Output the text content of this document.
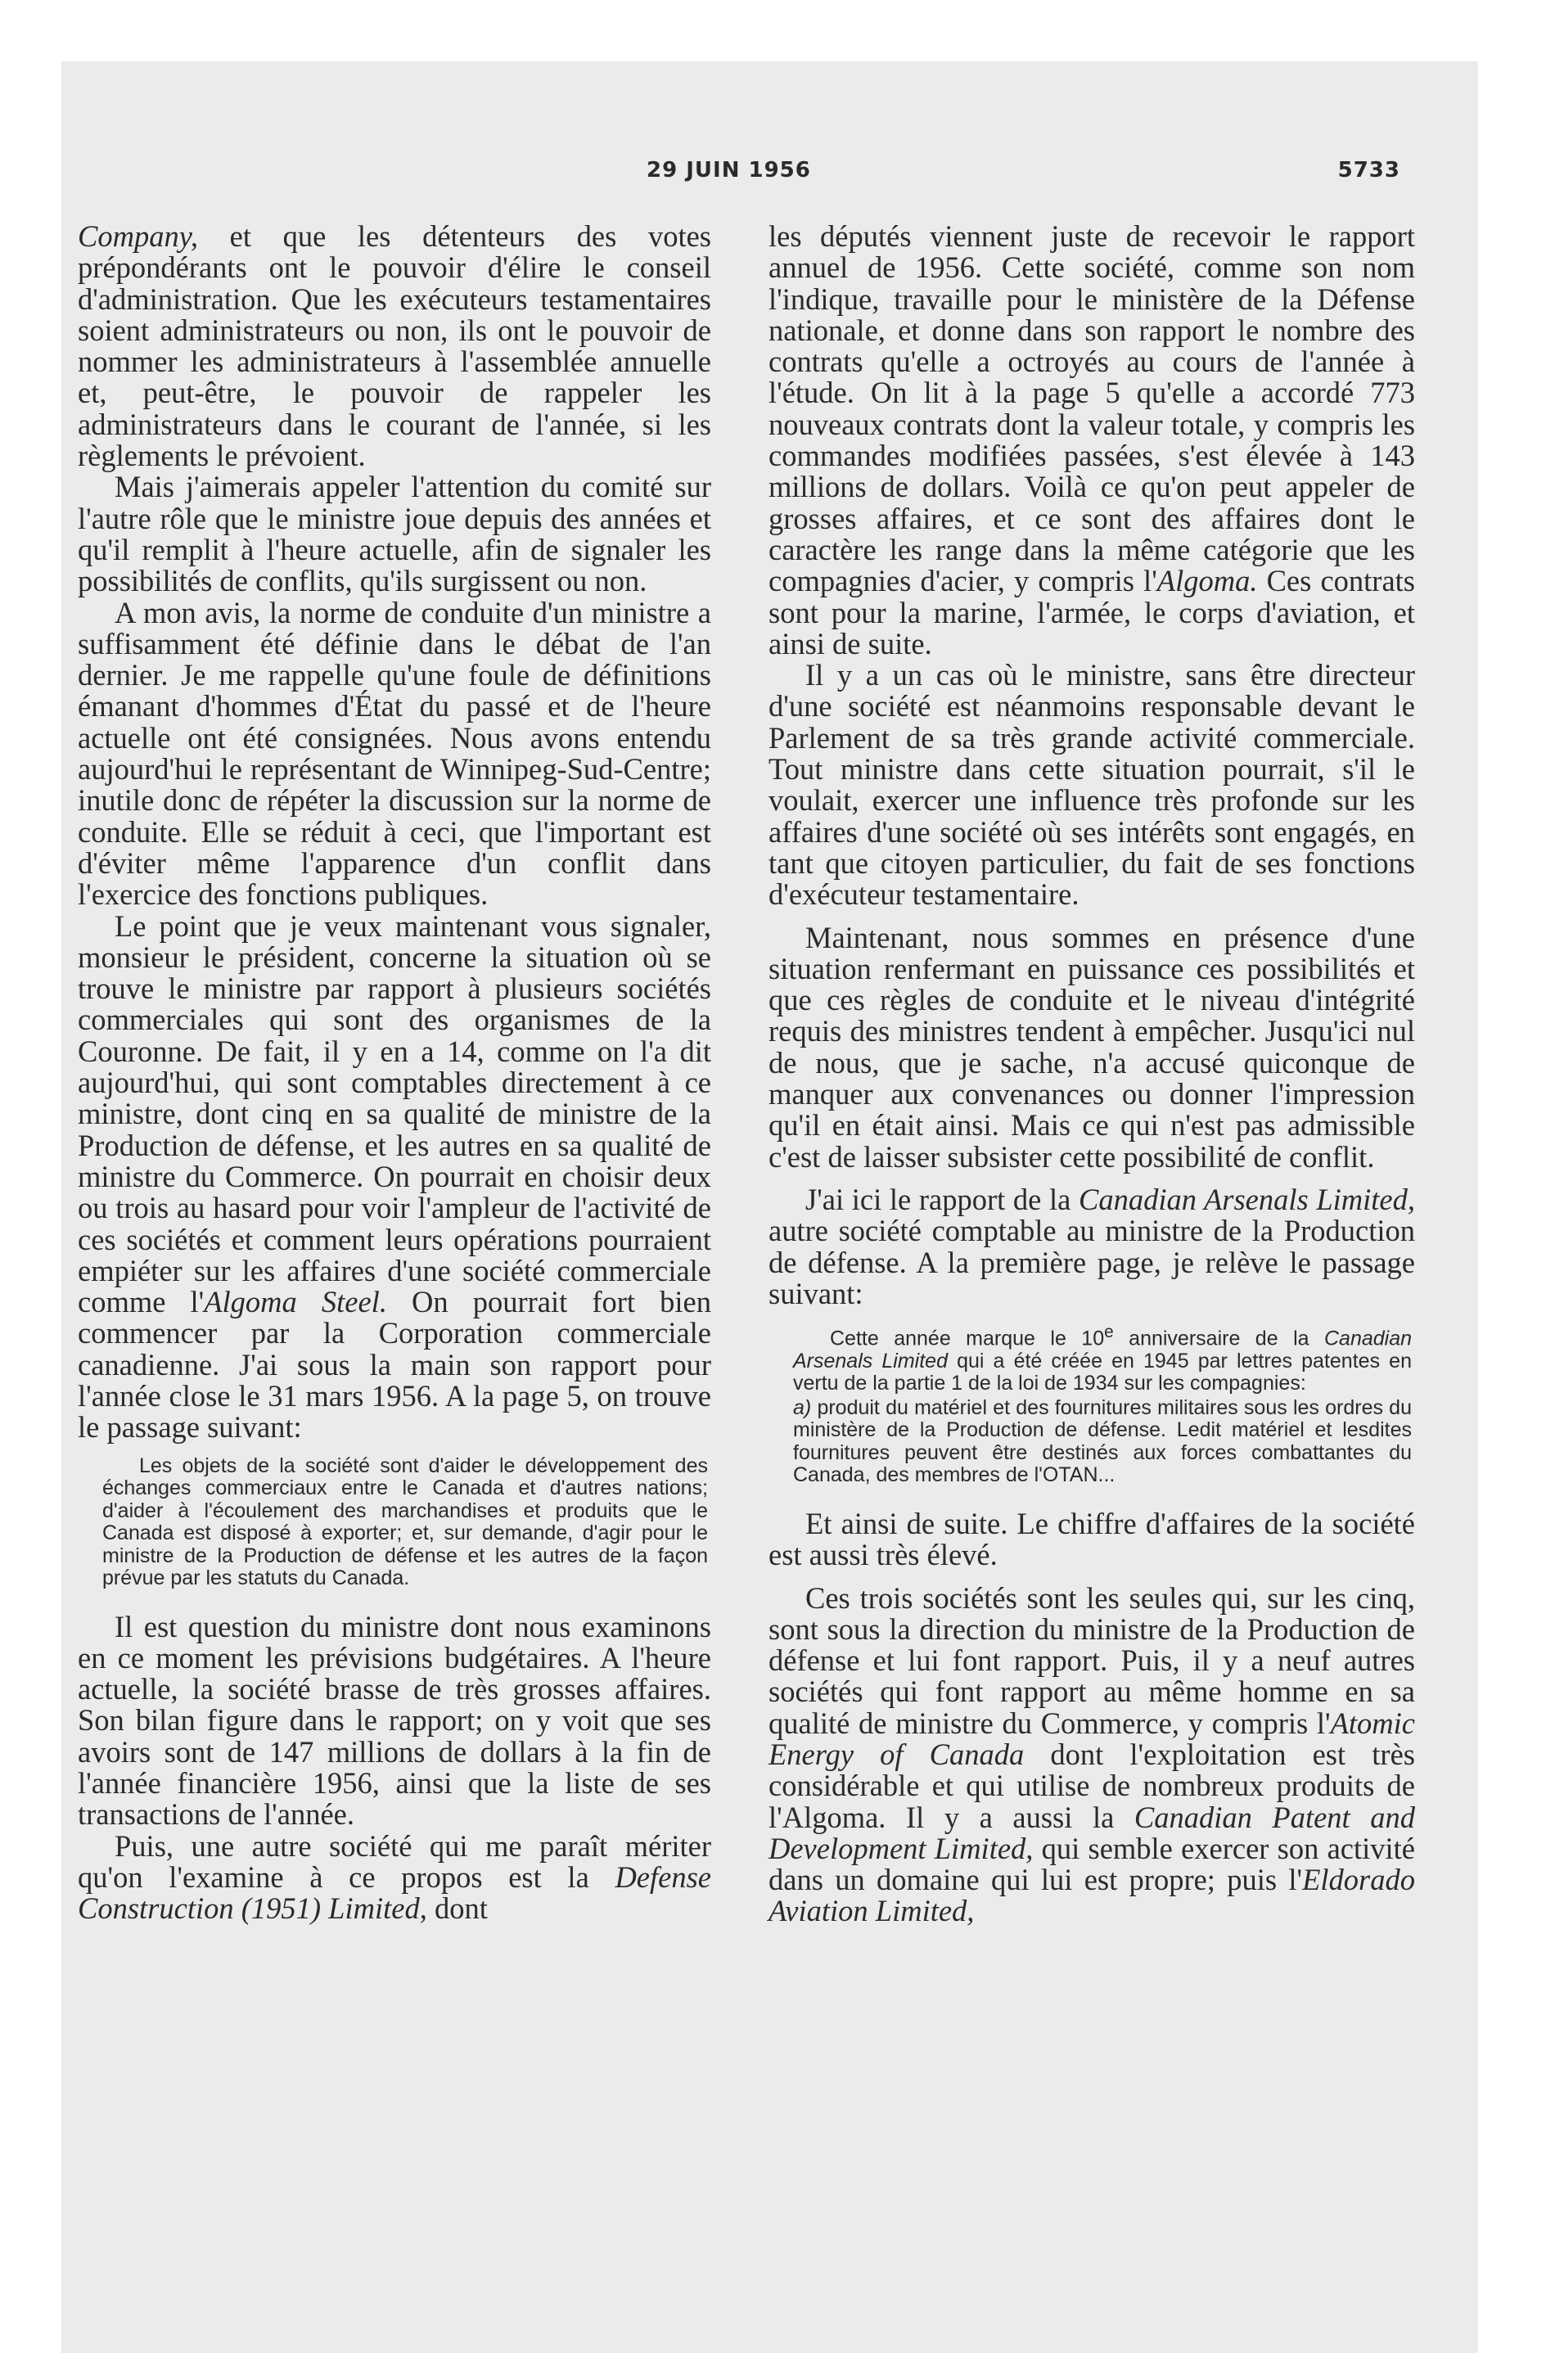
29 JUIN 1956	5733

Company, et que les détenteurs des votes prépondérants ont le pouvoir d'élire le conseil d'administration. Que les exécuteurs testamentaires soient administrateurs ou non, ils ont le pouvoir de nommer les administrateurs à l'assemblée annuelle et, peut-être, le pouvoir de rappeler les administrateurs dans le courant de l'année, si les règlements le prévoient.

Mais j'aimerais appeler l'attention du comité sur l'autre rôle que le ministre joue depuis des années et qu'il remplit à l'heure actuelle, afin de signaler les possibilités de conflits, qu'ils surgissent ou non.

A mon avis, la norme de conduite d'un ministre a suffisamment été définie dans le débat de l'an dernier. Je me rappelle qu'une foule de définitions émanant d'hommes d'État du passé et de l'heure actuelle ont été consignées. Nous avons entendu aujourd'hui le représentant de Winnipeg-Sud-Centre; inutile donc de répéter la discussion sur la norme de conduite. Elle se réduit à ceci, que l'important est d'éviter même l'apparence d'un conflit dans l'exercice des fonctions publiques.

Le point que je veux maintenant vous signaler, monsieur le président, concerne la situation où se trouve le ministre par rapport à plusieurs sociétés commerciales qui sont des organismes de la Couronne. De fait, il y en a 14, comme on l'a dit aujourd'hui, qui sont comptables directement à ce ministre, dont cinq en sa qualité de ministre de la Production de défense, et les autres en sa qualité de ministre du Commerce. On pourrait en choisir deux ou trois au hasard pour voir l'ampleur de l'activité de ces sociétés et comment leurs opérations pourraient empiéter sur les affaires d'une société commerciale comme l'Algoma Steel. On pourrait fort bien commencer par la Corporation commerciale canadienne. J'ai sous la main son rapport pour l'année close le 31 mars 1956. A la page 5, on trouve le passage suivant:

Les objets de la société sont d'aider le développement des échanges commerciaux entre le Canada et d'autres nations; d'aider à l'écoulement des marchandises et produits que le Canada est disposé à exporter; et, sur demande, d'agir pour le ministre de la Production de défense et les autres de la façon prévue par les statuts du Canada.

Il est question du ministre dont nous examinons en ce moment les prévisions budgétaires. A l'heure actuelle, la société brasse de très grosses affaires. Son bilan figure dans le rapport; on y voit que ses avoirs sont de 147 millions de dollars à la fin de l'année financière 1956, ainsi que la liste de ses transactions de l'année.

Puis, une autre société qui me paraît mériter qu'on l'examine à ce propos est la Defense Construction (1951) Limited, dont

les députés viennent juste de recevoir le rapport annuel de 1956. Cette société, comme son nom l'indique, travaille pour le ministère de la Défense nationale, et donne dans son rapport le nombre des contrats qu'elle a octroyés au cours de l'année à l'étude. On lit à la page 5 qu'elle a accordé 773 nouveaux contrats dont la valeur totale, y compris les commandes modifiées passées, s'est élevée à 143 millions de dollars. Voilà ce qu'on peut appeler de grosses affaires, et ce sont des affaires dont le caractère les range dans la même catégorie que les compagnies d'acier, y compris l'Algoma. Ces contrats sont pour la marine, l'armée, le corps d'aviation, et ainsi de suite.

Il y a un cas où le ministre, sans être directeur d'une société est néanmoins responsable devant le Parlement de sa très grande activité commerciale. Tout ministre dans cette situation pourrait, s'il le voulait, exercer une influence très profonde sur les affaires d'une société où ses intérêts sont engagés, en tant que citoyen particulier, du fait de ses fonctions d'exécuteur testamentaire.

Maintenant, nous sommes en présence d'une situation renfermant en puissance ces possibilités et que ces règles de conduite et le niveau d'intégrité requis des ministres tendent à empêcher. Jusqu'ici nul de nous, que je sache, n'a accusé quiconque de manquer aux convenances ou donner l'impression qu'il en était ainsi. Mais ce qui n'est pas admissible c'est de laisser subsister cette possibilité de conflit.

J'ai ici le rapport de la Canadian Arsenals Limited, autre société comptable au ministre de la Production de défense. A la première page, je relève le passage suivant:

Cette année marque le 10e anniversaire de la Canadian Arsenals Limited qui a été créée en 1945 par lettres patentes en vertu de la partie 1 de la loi de 1934 sur les compagnies:

a) produit du matériel et des fournitures militaires sous les ordres du ministère de la Production de défense. Ledit matériel et lesdites fournitures peuvent être destinés aux forces combattantes du Canada, des membres de l'OTAN...

Et ainsi de suite. Le chiffre d'affaires de la société est aussi très élevé.

Ces trois sociétés sont les seules qui, sur les cinq, sont sous la direction du ministre de la Production de défense et lui font rapport. Puis, il y a neuf autres sociétés qui font rapport au même homme en sa qualité de ministre du Commerce, y compris l'Atomic Energy of Canada dont l'exploitation est très considérable et qui utilise de nombreux produits de l'Algoma. Il y a aussi la Canadian Patent and Development Limited, qui semble exercer son activité dans un domaine qui lui est propre; puis l'Eldorado Aviation Limited,
